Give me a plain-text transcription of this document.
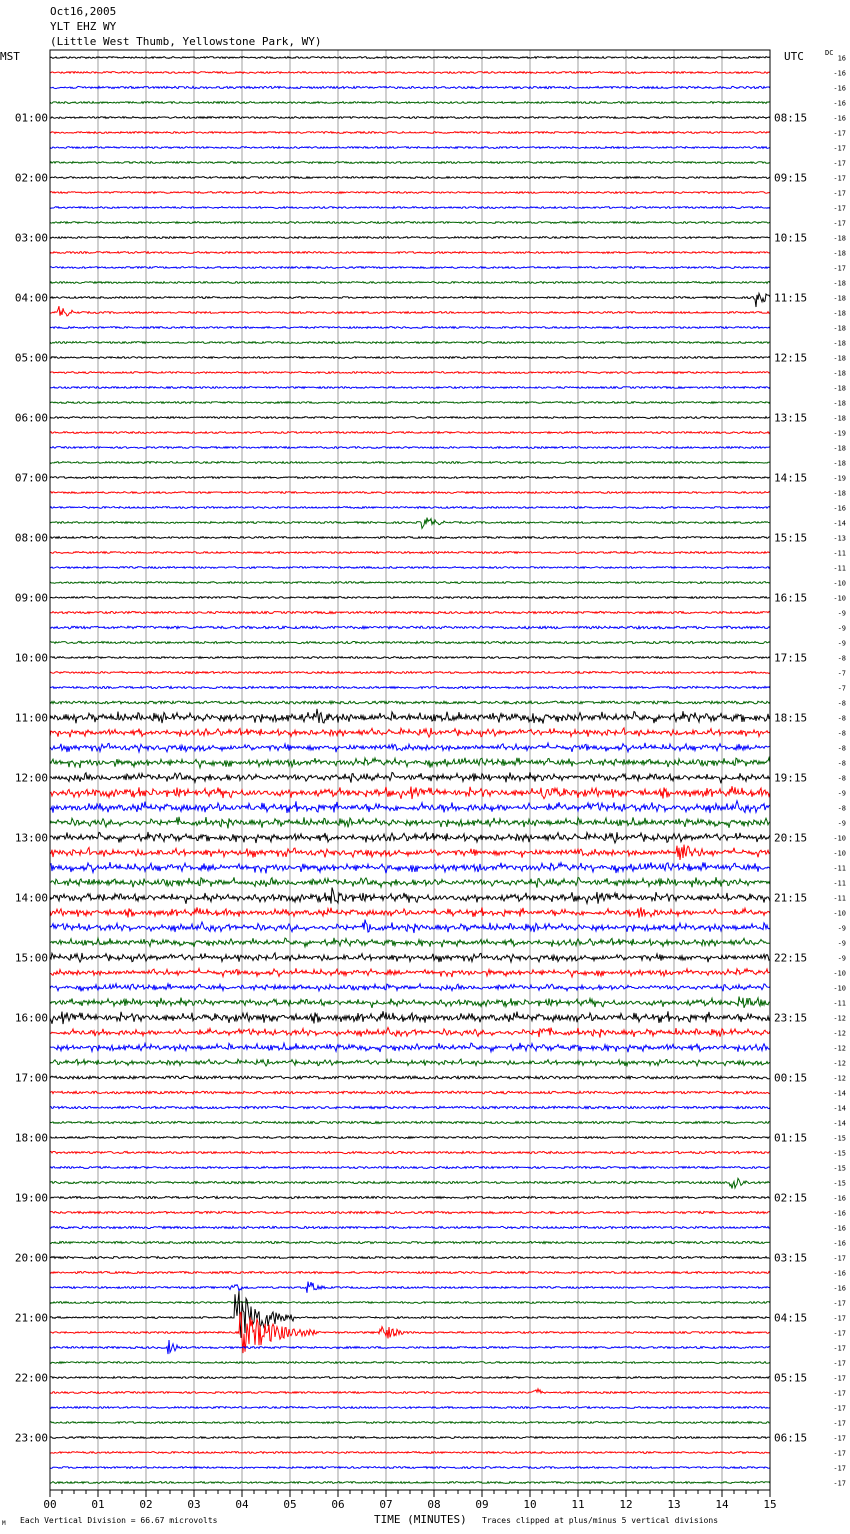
Oct16,2005
YLT EHZ WY
(Little West Thumb, Yellowstone Park, WY)
00	01	02	03	04	05	06	07	08	09	10	11	12	13	14	15
01:00
02:00
03:00
04:00
05:00
06:00
07:00
08:00
09:00
10:00
11:00
12:00
13:00
14:00
15:00
16:00
17:00
18:00
19:00
20:00
21:00
22:00
23:00
08:15
09:15
10:15
11:15
12:15
13:15
14:15
15:15
16:15
17:15
18:15
19:15
20:15
21:15
22:15
23:15
00:15
01:15
02:15
03:15
04:15
05:15
06:15
16
-16
-16
-16
-16
-17
-17
-17
-17
-17
-17
-17
-18
-18
-17
-18
-18
-18
-18
-18
-18
-18
-18
-18
-18
-19
-18
-18
-19
-18
-16
-14
-13
-11
-11
-10
-10
-9
-9
-9
-8
-7
-7
-8
-8
-8
-8
-8
-8
-9
-8
-9
-10
-10
-11
-11
-11
-10
-9
-9
-9
-10
-10
-11
-12
-12
-12
-12
-12
-14
-14
-14
-15
-15
-15
-15
-16
-16
-16
-16
-17
-16
-16
-17
-17
-17
-17
-17
-17
-17
-17
-17
-17
-17
-17
-17
MST	UTC	DC
TIME (MINUTES)
Each Vertical Division = 66.67 microvolts	Traces clipped at plus/minus 5 vertical divisions
M
